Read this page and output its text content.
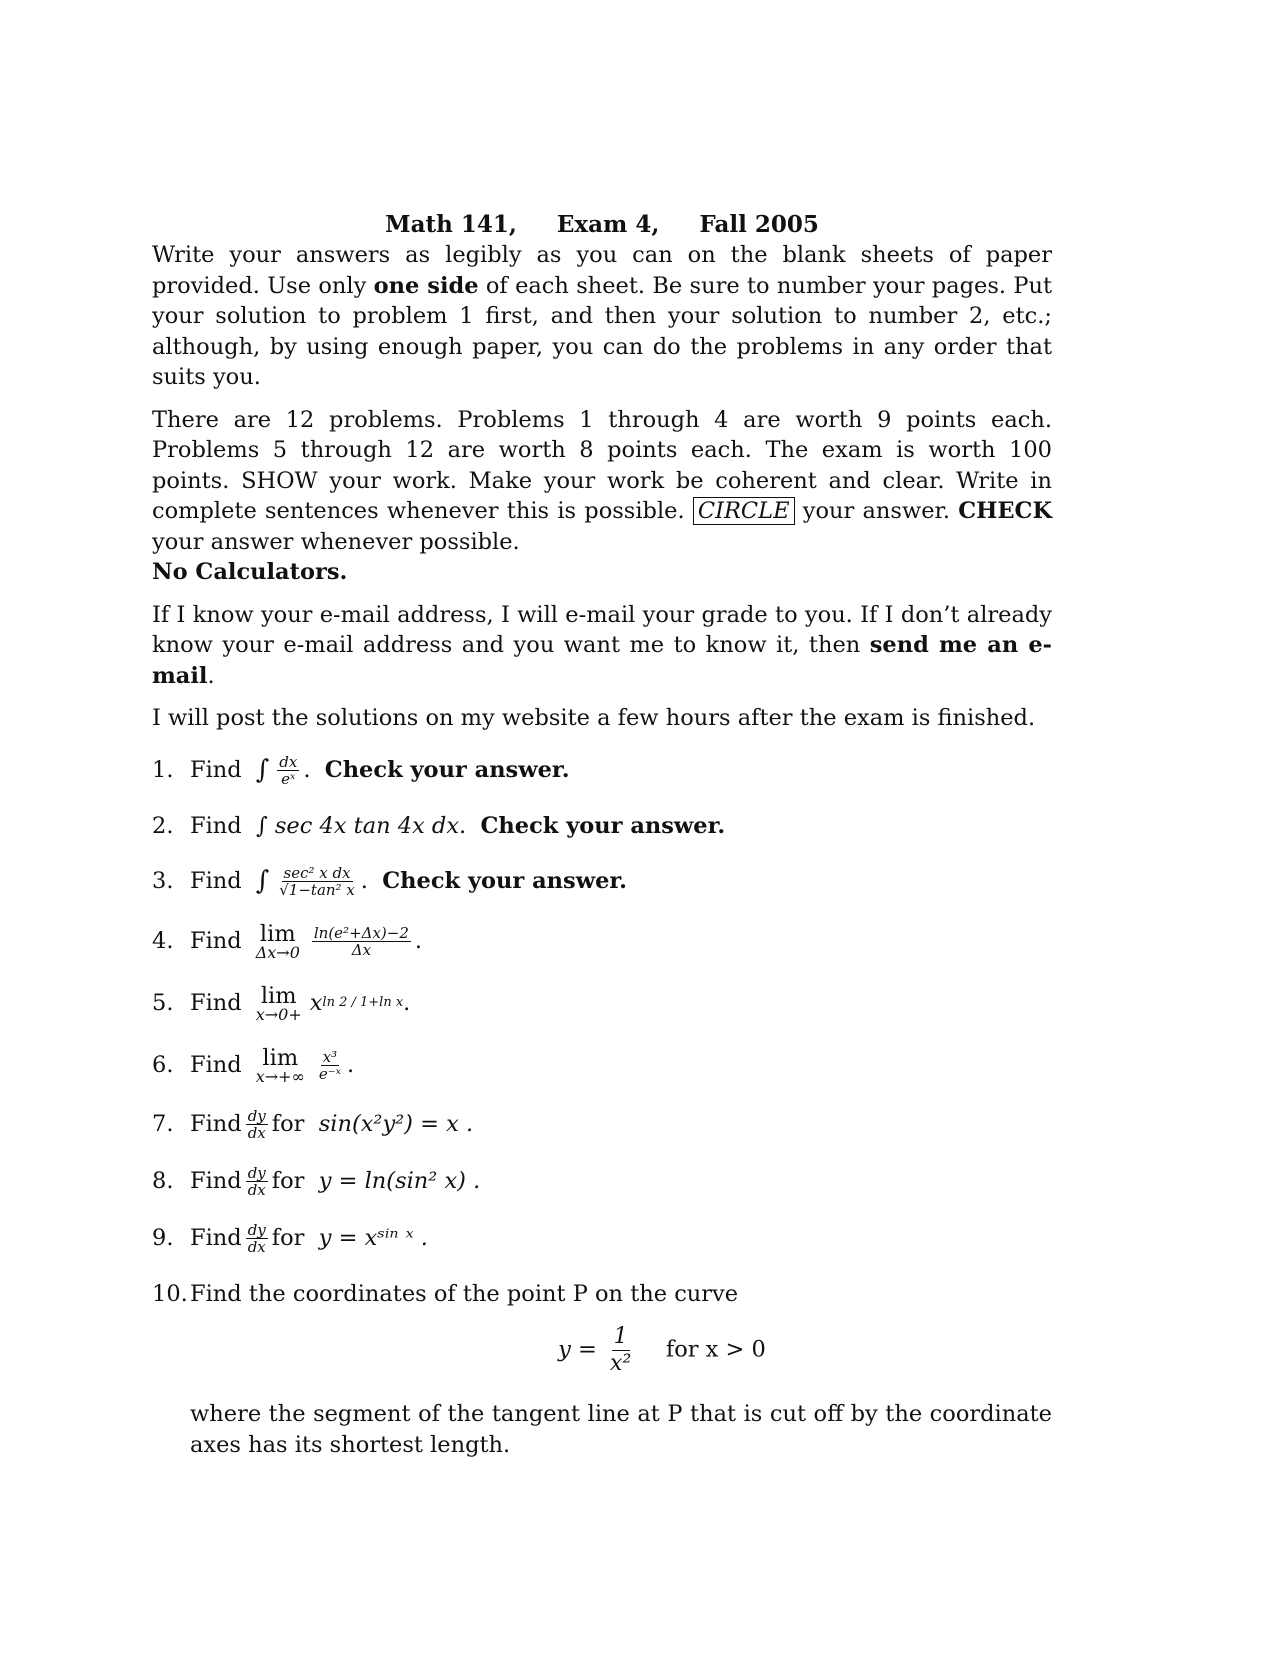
Math 141, Exam 4, Fall 2005

Write your answers as legibly as you can on the blank sheets of paper provided. Use only one side of each sheet. Be sure to number your pages. Put your solution to problem 1 first, and then your solution to number 2, etc.; although, by using enough paper, you can do the problems in any order that suits you.

There are 12 problems. Problems 1 through 4 are worth 9 points each. Problems 5 through 12 are worth 8 points each. The exam is worth 100 points. SHOW your work. Make your work be coherent and clear. Write in complete sentences whenever this is possible. CIRCLE your answer. CHECK your answer whenever possible.
No Calculators.

If I know your e-mail address, I will e-mail your grade to you. If I don’t already know your e-mail address and you want me to know it, then send me an e-mail.

I will post the solutions on my website a few hours after the exam is finished.

1. Find ∫ $\frac{dx}{\text{eˣ}}$ .
Check your answer.
2. Find
∫ sec 4x tan 4x dx .
Check your answer.
3. Find ∫ $\frac{\text{sec² x dx}}{\text{√1−tan² x}}$ .
Check your answer.
4. Find lim
$\Delta x\to 0 \frac{\text{ln(e²+Δx)−2}}{\Delta x}$ .
5. Find lim
x→0+ x ln 2 / 1+ln x .
6. Find lim
$x\to+\infty \frac{\text{x³}}{\text{e⁻ˣ}}$ .
7. Find $\frac{dy}{dx}$ for
sin(x²y²) = x .
8. Find $\frac{dy}{dx}$ for
y = ln(sin² x) .
9. Find $\frac{dy}{dx}$ for
y = xˢⁱⁿ ˣ .
10. Find the coordinates of the point P on the curve
$y = \frac{1}{\text{x²}}$ for x > 0

where the segment of the tangent line at P that is cut off by the coordinate axes has its shortest length.
